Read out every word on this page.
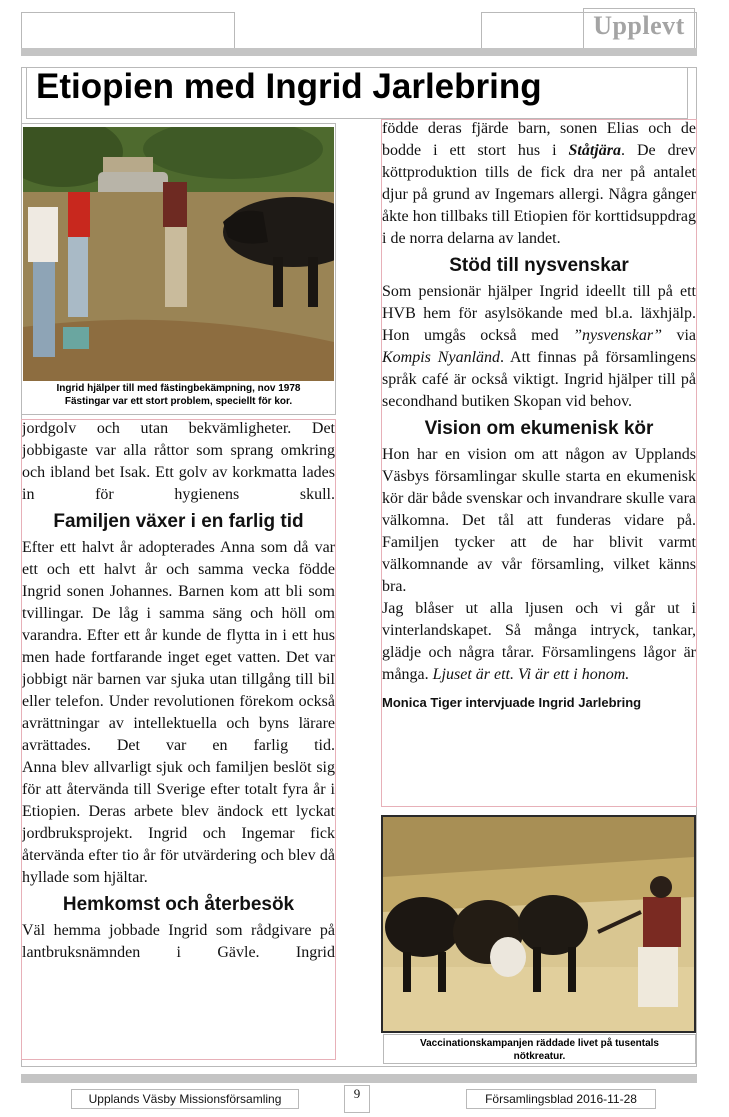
Upplevt
Etiopien med Ingrid Jarlebring
Ingrid hjälper till med fästingbekämpning, nov 1978
Fästingar var ett stort problem, speciellt för kor.

jordgolv och utan bekvämligheter. Det jobbigaste var alla råttor som sprang omkring och ibland bet Isak. Ett golv av korkmatta lades in för hygienens skull.

Familjen växer i en farlig tid

Efter ett halvt år adopterades Anna som då var ett och ett halvt år och samma vecka födde Ingrid sonen Johannes. Barnen kom att bli som tvillingar. De låg i samma säng och höll om varandra. Efter ett år kunde de flytta in i ett hus men hade fortfarande inget eget vatten. Det var jobbigt när barnen var sjuka utan tillgång till bil eller telefon. Under revolutionen förekom också avrättningar av intellektuella och byns lärare avrättades. Det var en farlig tid.

Anna blev allvarligt sjuk och familjen beslöt sig för att återvända till Sverige efter totalt fyra år i Etiopien. Deras arbete blev ändock ett lyckat jordbruksprojekt. Ingrid och Ingemar fick återvända efter tio år för utvärdering och blev då hyllade som hjältar.

Hemkomst och återbesök

Väl hemma jobbade Ingrid som rådgivare på lantbruksnämnden i Gävle. Ingrid

födde deras fjärde barn, sonen Elias och de bodde i ett stort hus i Ståtjära. De drev köttproduktion tills de fick dra ner på antalet djur på grund av Ingemars allergi. Några gånger åkte hon tillbaks till Etiopien för korttidsuppdrag i de norra delarna av landet.

Stöd till nysvenskar

Som pensionär hjälper Ingrid ideellt till på ett HVB hem för asylsökande med bl.a. läxhjälp. Hon umgås också med ”nysvenskar” via Kompis Nyanländ. Att finnas på församlingens språk café är också viktigt. Ingrid hjälper till på secondhand butiken Skopan vid behov.

Vision om ekumenisk kör

Hon har en vision om att någon av Upplands Väsbys församlingar skulle starta en ekumenisk kör där både svenskar och invandrare skulle vara välkomna. Det tål att funderas vidare på. Familjen tycker att de har blivit varmt välkomnande av vår församling, vilket känns bra.

Jag blåser ut alla ljusen och vi går ut i vinterlandskapet. Så många intryck, tankar, glädje och några tårar. Församlingens lågor är många. Ljuset är ett. Vi är ett i honom.

Monica Tiger intervjuade Ingrid Jarlebring
Vaccinationskampanjen räddade livet på tusentals
nötkreatur.
Upplands Väsby Missionsförsamling	9	Församlingsblad 2016-11-28
